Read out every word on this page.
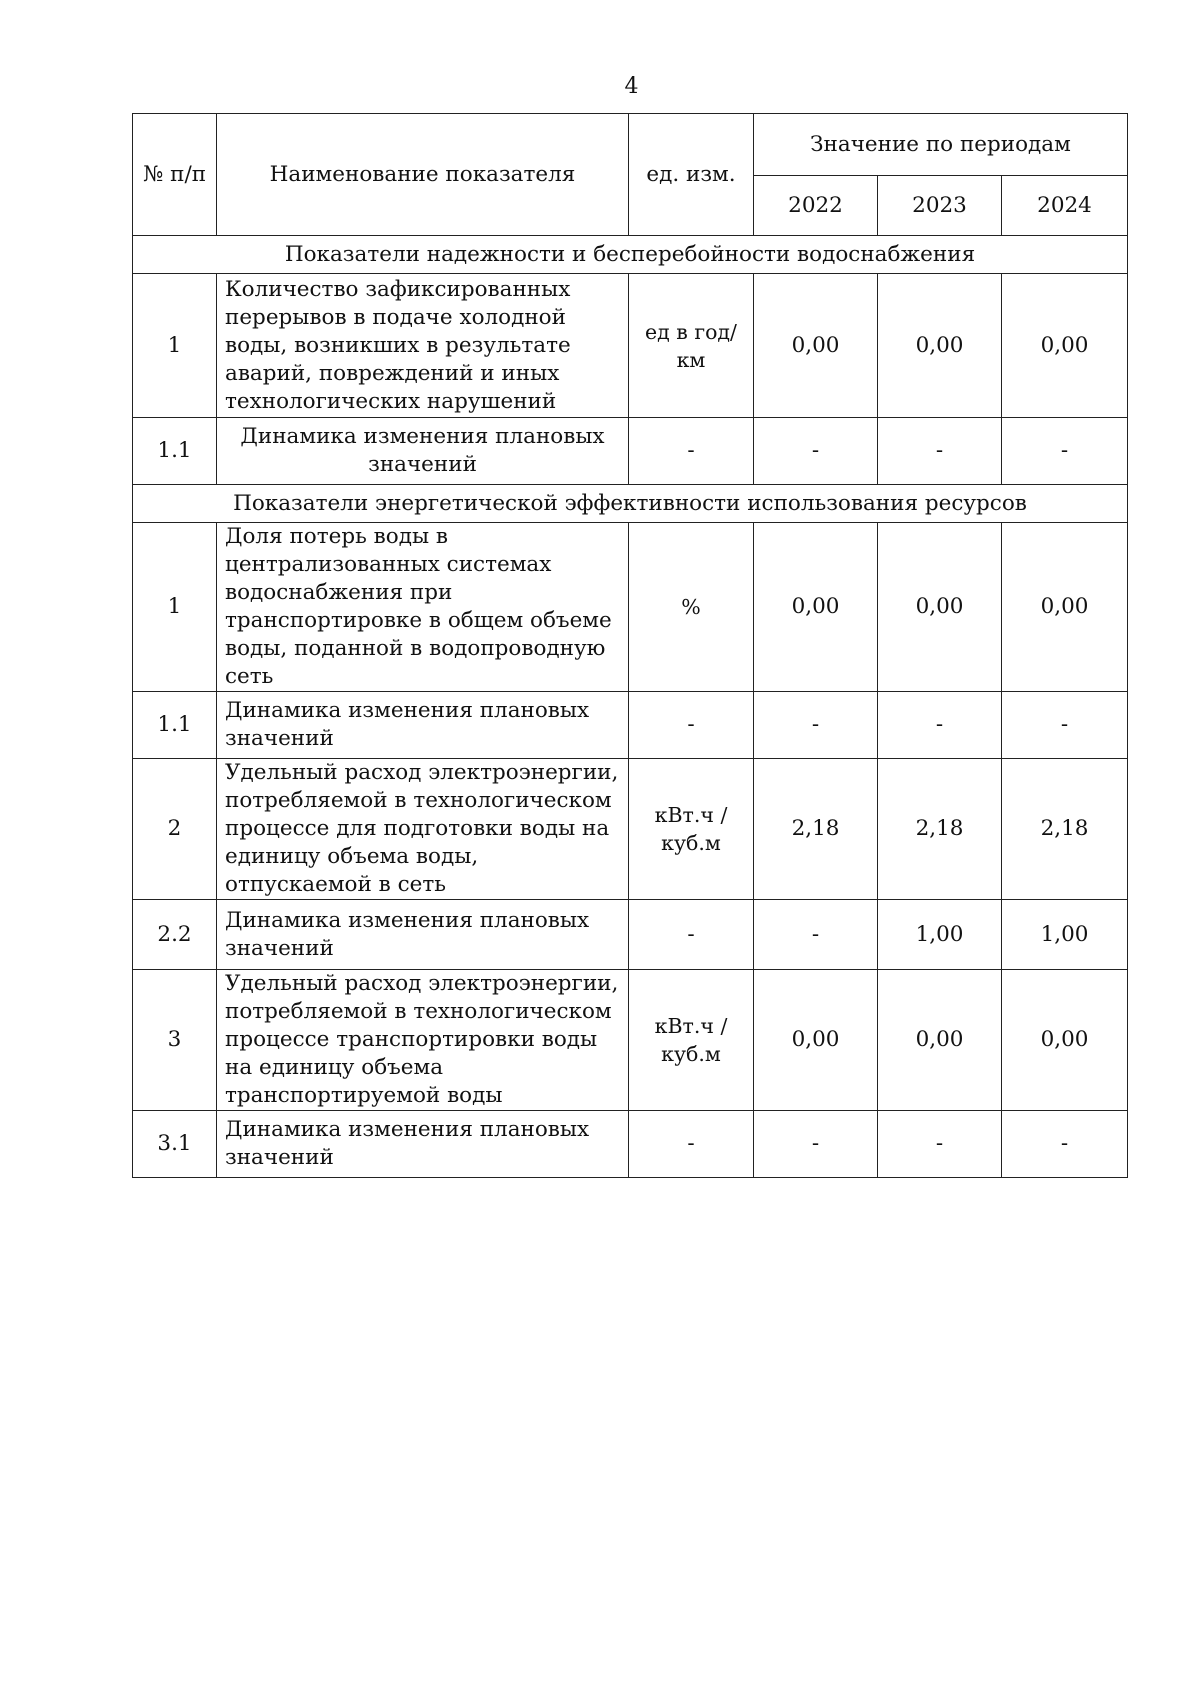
4
№ п/п	Наименование показателя	ед. изм.	Значение по периодам		
			2022	2023	2024
Показатели надежности и бесперебойности водоснабжения					
1	Количество зафиксированных перерывов в подаче холодной воды, возникших в результате аварий, повреждений и иных технологических нарушений	ед в год/ км	0,00	0,00	0,00
1.1	Динамика изменения плановых значений	-	-	-	-
Показатели энергетической эффективности использования ресурсов					
1	Доля потерь воды в централизованных системах водоснабжения при транспортировке в общем объеме воды, поданной в водопроводную сеть	%	0,00	0,00	0,00
1.1	Динамика изменения плановых значений	-	-	-	-
2	Удельный расход электроэнергии, потребляемой в технологическом процессе для подготовки воды на единицу объема воды, отпускаемой в сеть	кВт.ч / куб.м	2,18	2,18	2,18
2.2	Динамика изменения плановых значений	-	-	1,00	1,00
3	Удельный расход электроэнергии, потребляемой в технологическом процессе транспортировки воды на единицу объема транспортируемой воды	кВт.ч / куб.м	0,00	0,00	0,00
3.1	Динамика изменения плановых значений	-	-	-	-
